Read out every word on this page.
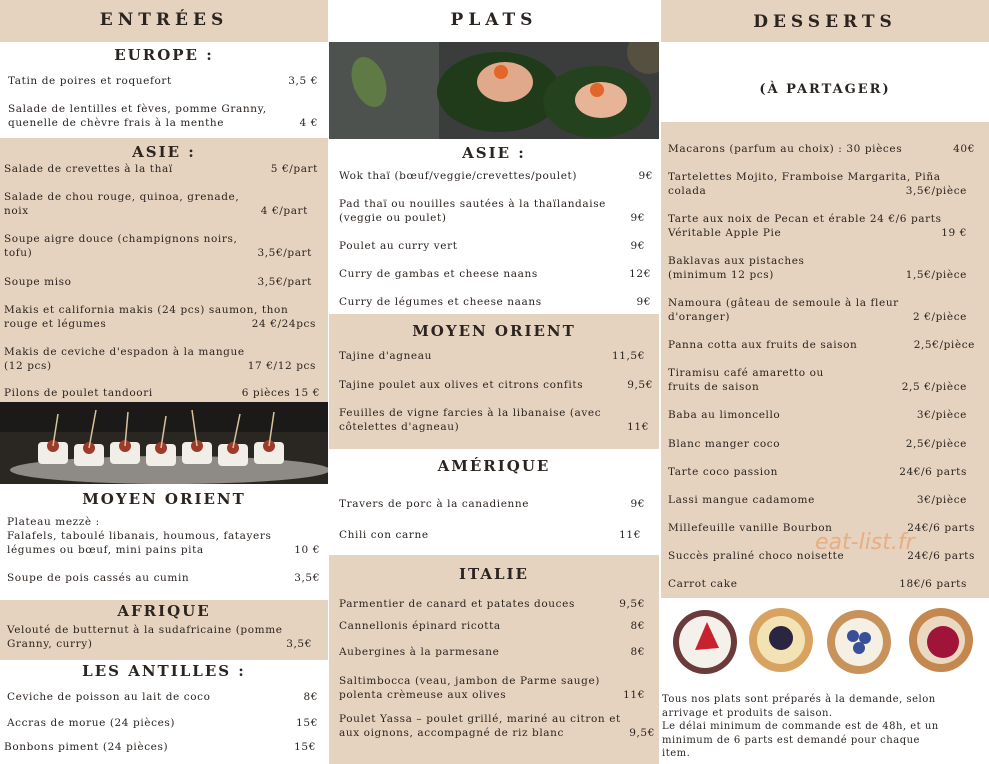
ENTRÉES
EUROPE :
ASIE :
MOYEN ORIENT
AFRIQUE
LES ANTILLES :
Tatin de poires et roquefort	3,5 €
Salade de lentilles et fèves, pomme Granny,
quenelle de chèvre frais à la menthe	4 €
Salade de crevettes à la thaï	5 €/part
Salade de chou rouge, quinoa, grenade,
noix	4 €/part
Soupe aigre douce (champignons noirs,
tofu)	3,5€/part
Soupe miso	3,5€/part
Makis et california makis (24 pcs) saumon, thon
rouge et légumes	24 €/24pcs
Makis de ceviche d'espadon à la mangue
(12 pcs)	17 €/12 pcs
Pilons de poulet tandoori	6 pièces 15 €
Plateau mezzè :
Falafels, taboulé libanais, houmous, fatayers
légumes ou bœuf, mini pains pita	10 €
Soupe de pois cassés au cumin	3,5€
Velouté de butternut à la sudafricaine (pomme
Granny, curry)	3,5€
Ceviche de poisson au lait de coco	8€
Accras de morue (24 pièces)	15€
Bonbons piment (24 pièces)	15€
PLATS
ASIE :
MOYEN ORIENT
AMÉRIQUE
ITALIE
Wok thaï (bœuf/veggie/crevettes/poulet)	9€
Pad thaï ou nouilles sautées à la thaïlandaise
(veggie ou poulet)	9€
Poulet au curry vert	9€
Curry de gambas et cheese naans	12€
Curry de légumes et cheese naans	9€
Tajine d'agneau	11,5€
Tajine poulet aux olives et citrons confits	9,5€
Feuilles de vigne farcies à la libanaise (avec
côtelettes d'agneau)	11€
Travers de porc à la canadienne	9€
Chili con carne	11€
Parmentier de canard et patates douces	9,5€
Cannellonis épinard ricotta	8€
Aubergines à la parmesane	8€
Saltimbocca (veau, jambon de Parme sauge)
polenta crèmeuse aux olives	11€
Poulet Yassa – poulet grillé, mariné au citron et
aux oignons, accompagné de riz blanc	9,5€
DESSERTS
(À PARTAGER)
Macarons (parfum au choix) : 30 pièces	40€
Tartelettes Mojito, Framboise Margarita, Piña
colada	3,5€/pièce
Tarte aux noix de Pecan et érable 24 €/6 parts
Véritable Apple Pie	19 €
Baklavas aux pistaches
(minimum 12 pcs)	1,5€/pièce
Namoura (gâteau de semoule à la fleur
d'oranger)	2 €/pièce
Panna cotta aux fruits de saison	2,5€/pièce
Tiramisu café amaretto ou
fruits de saison	2,5 €/pièce
Baba au limoncello	3€/pièce
Blanc manger coco	2,5€/pièce
Tarte coco passion	24€/6 parts
Lassi mangue cadamome	3€/pièce
Millefeuille vanille Bourbon	24€/6 parts
Succès praliné choco noisette	24€/6 parts
Carrot cake	18€/6 parts
Tous nos plats sont préparés à la demande, selon
arrivage et produits de saison.
Le délai minimum de commande est de 48h, et un
minimum de 6 parts est demandé pour chaque
item.
eat-list.fr
